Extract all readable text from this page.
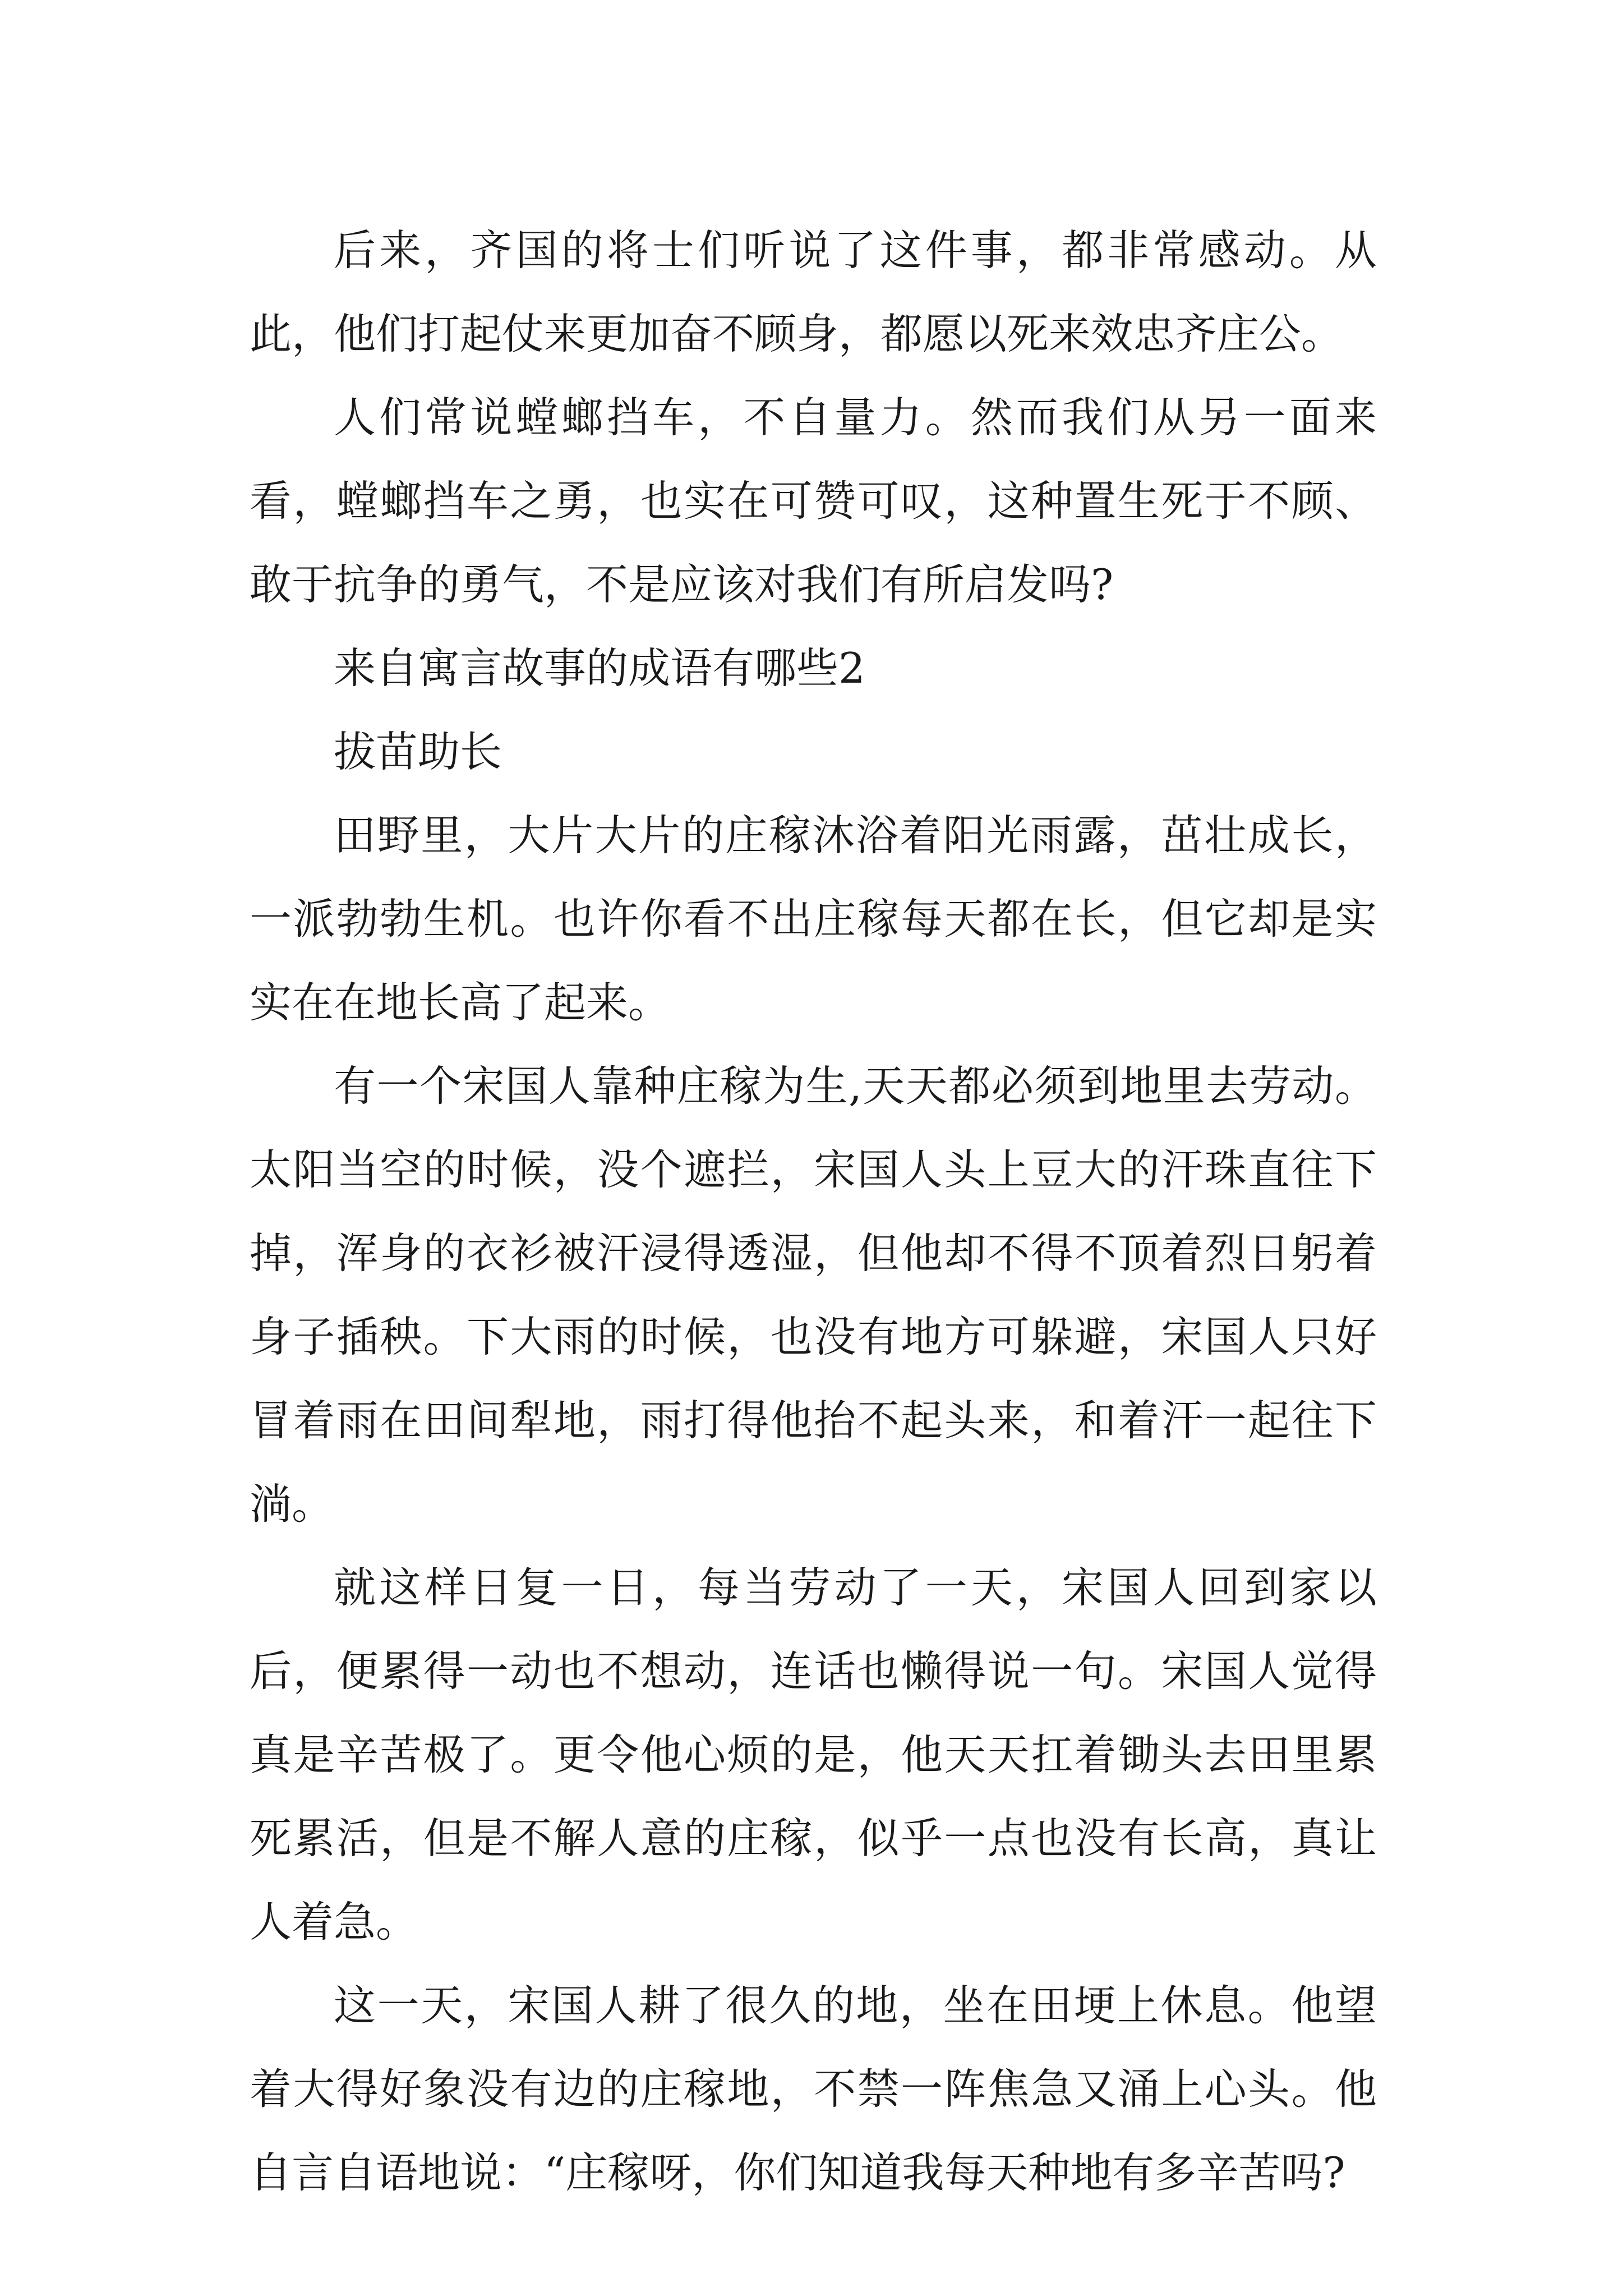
后来，齐国的将士们听说了这件事，都非常感动。从此，他们打起仗来更加奋不顾身，都愿以死来效忠齐庄公。

人们常说螳螂挡车，不自量力。然而我们从另一面来看，螳螂挡车之勇，也实在可赞可叹，这种置生死于不顾、敢于抗争的勇气，不是应该对我们有所启发吗?

来自寓言故事的成语有哪些2

拔苗助长

田野里，大片大片的庄稼沐浴着阳光雨露，茁壮成长，一派勃勃生机。也许你看不出庄稼每天都在长，但它却是实实在在地长高了起来。

有一个宋国人靠种庄稼为生,天天都必须到地里去劳动。太阳当空的时候，没个遮拦，宋国人头上豆大的汗珠直往下掉，浑身的衣衫被汗浸得透湿，但他却不得不顶着烈日躬着身子插秧。下大雨的时候，也没有地方可躲避，宋国人只好冒着雨在田间犁地，雨打得他抬不起头来，和着汗一起往下淌。

就这样日复一日，每当劳动了一天，宋国人回到家以后，便累得一动也不想动，连话也懒得说一句。宋国人觉得真是辛苦极了。更令他心烦的是，他天天扛着锄头去田里累死累活，但是不解人意的庄稼，似乎一点也没有长高，真让人着急。

这一天，宋国人耕了很久的地，坐在田埂上休息。他望着大得好象没有边的庄稼地，不禁一阵焦急又涌上心头。他自言自语地说：“庄稼呀，你们知道我每天种地有多辛苦吗?
